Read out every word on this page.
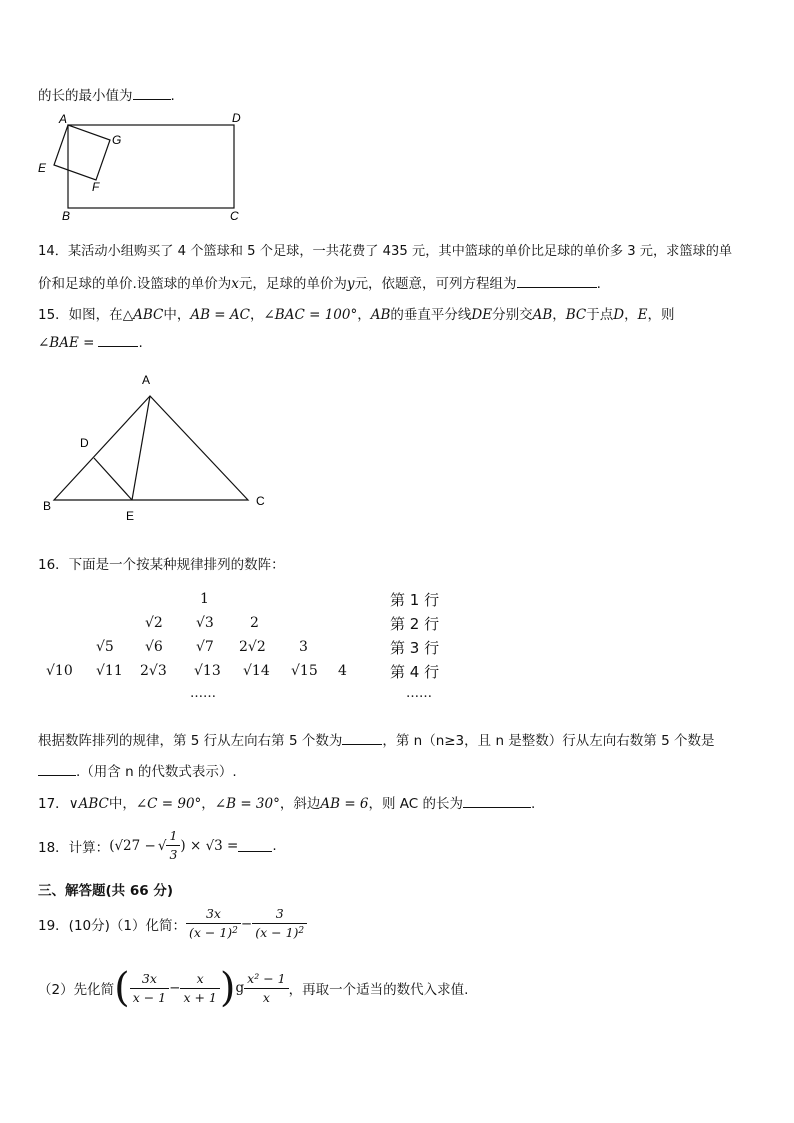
的长的最小值为	.
A	D
G
E
F
B	C
14．某活动小组购买了 4 个篮球和 5 个足球，一共花费了 435 元，其中篮球的单价比足球的单价多 3 元，求篮球的单
价和足球的单价.设篮球的单价为x元，足球的单价为y元，依题意，可列方程组为	.
15．如图，在△ABC中，AB = AC，∠BAC = 100°，AB的垂直平分线DE分别交AB，BC于点D，E，则
∠BAE =	.
A
D
B
E
C
16．下面是一个按某种规律排列的数阵：
1
√2 √3	2
√5 √6 √7 2√2 3
√10 √11 2√3 √13 √14 √15 4
……
第 1 行
第 2 行
第 3 行
第 4 行
……
根据数阵排列的规律，第 5 行从左向右第 5 个数为	，第 n（n≥3，且 n 是整数）行从左向右数第 5 个数是
.（用含 n 的代数式表示）.
17．∨ABC中，∠C = 90°，∠B = 30°，斜边AB = 6，则 AC 的长为	.
18．计算： (√27 − √ $\frac{1}{3}$ ) × √3 =	.
三、解答题(共 66 分)
19．(10分)（1）化简： $\frac{3x}{(x - 1)^2} - \frac{3}{(x - 1)^2}$
（2）先化简 ( $\frac{3x}{x - 1} - \frac{x}{x + 1}$ ) g $\frac{\text{x² − 1}}{x}$ ，再取一个适当的数代入求值.
